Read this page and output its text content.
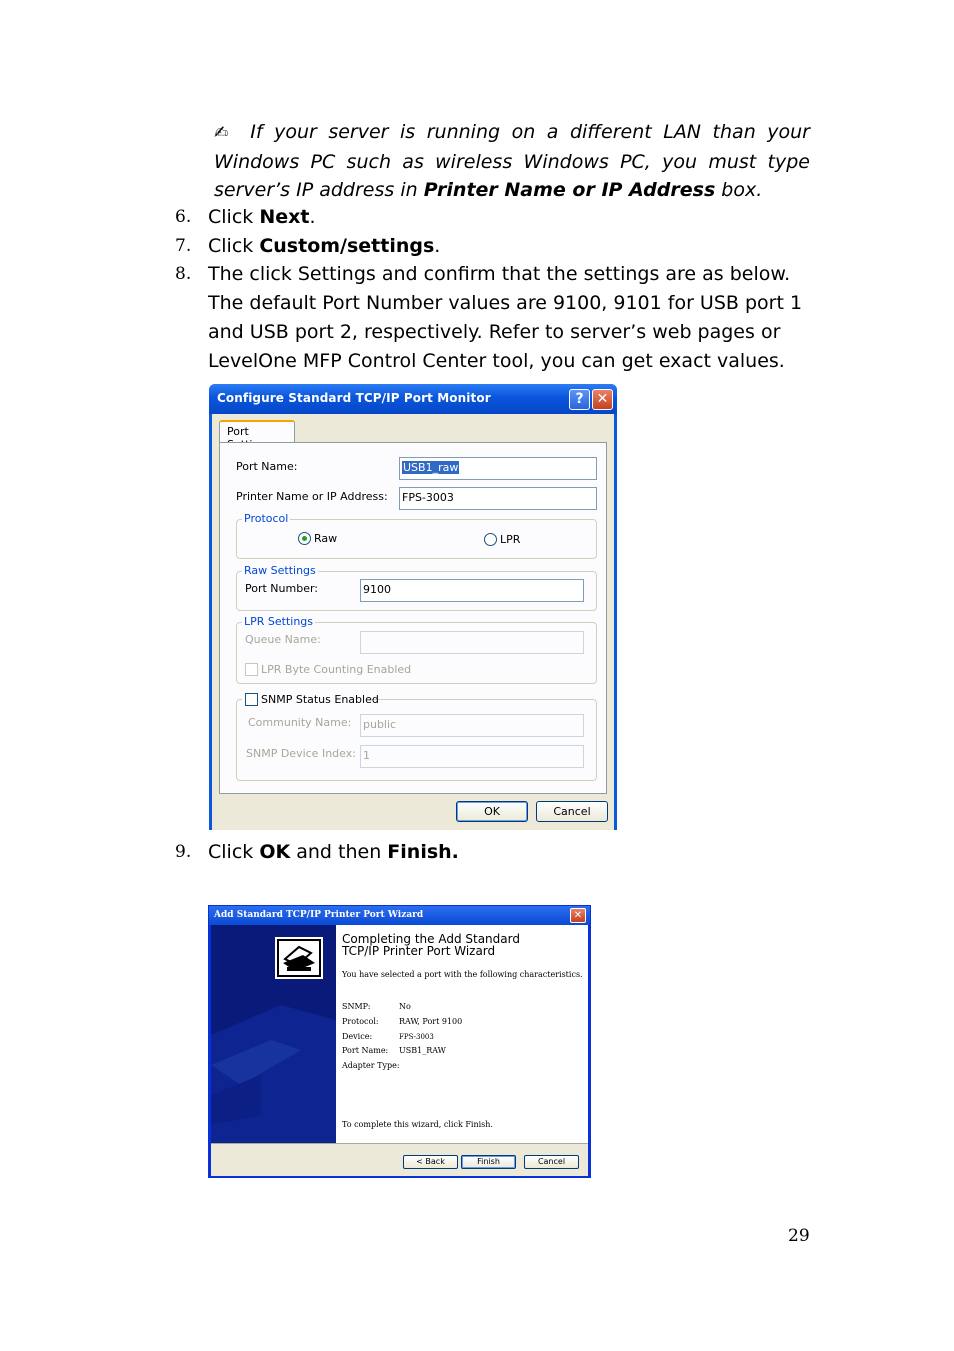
✍ If your server is running on a different LAN than your Windows PC such as wireless Windows PC, you must type server’s IP address in Printer Name or IP Address box.
6. Click Next.
7. Click Custom/settings.
8. The click Settings and confirm that the settings are as below.
The default Port Number values are 9100, 9101 for USB port 1
and USB port 2, respectively. Refer to server’s web pages or
LevelOne MFP Control Center tool, you can get exact values.
Configure Standard TCP/IP Port Monitor	? ✕
Port
Port Name:	USB1_raw
Printer Name or IP Address: FPS-3003
Protocol
Raw	LPR
Raw Settings
Port Number:	9100
LPR Settings
Queue Name:
LPR Byte Counting Enabled
SNMP Status Enabled
Community Name: public
SNMP Device Index: 1
OK	Cancel
9. Click OK and then Finish.
Add Standard TCP/IP Printer Port Wizard	✕
Completing the Add Standard
TCP/IP Printer Port Wizard
You have selected a port with the following characteristics.
SNMP:	No
Protocol:	RAW, Port 9100
Device:	FPS-3003
Port Name: USB1_RAW
Adapter Type:
To complete this wizard, click Finish.
< Back	Finish	Cancel
29
